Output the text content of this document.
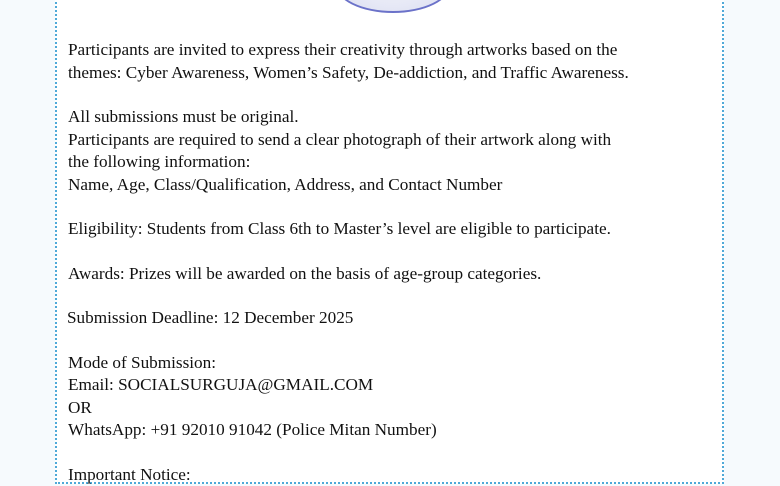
Participants are invited to express their creativity through artworks based on the

themes: Cyber Awareness, Women’s Safety, De-addiction, and Traffic Awareness.

All submissions must be original.

Participants are required to send a clear photograph of their artwork along with

the following information:

Name, Age, Class/Qualification, Address, and Contact Number

Eligibility: Students from Class 6th to Master’s level are eligible to participate.

Awards: Prizes will be awarded on the basis of age-group categories.

Submission Deadline: 12 December 2025

Mode of Submission:

Email: SOCIALSURGUJA@GMAIL.COM

OR

WhatsApp: +91 92010 91042 (Police Mitan Number)

Important Notice:
